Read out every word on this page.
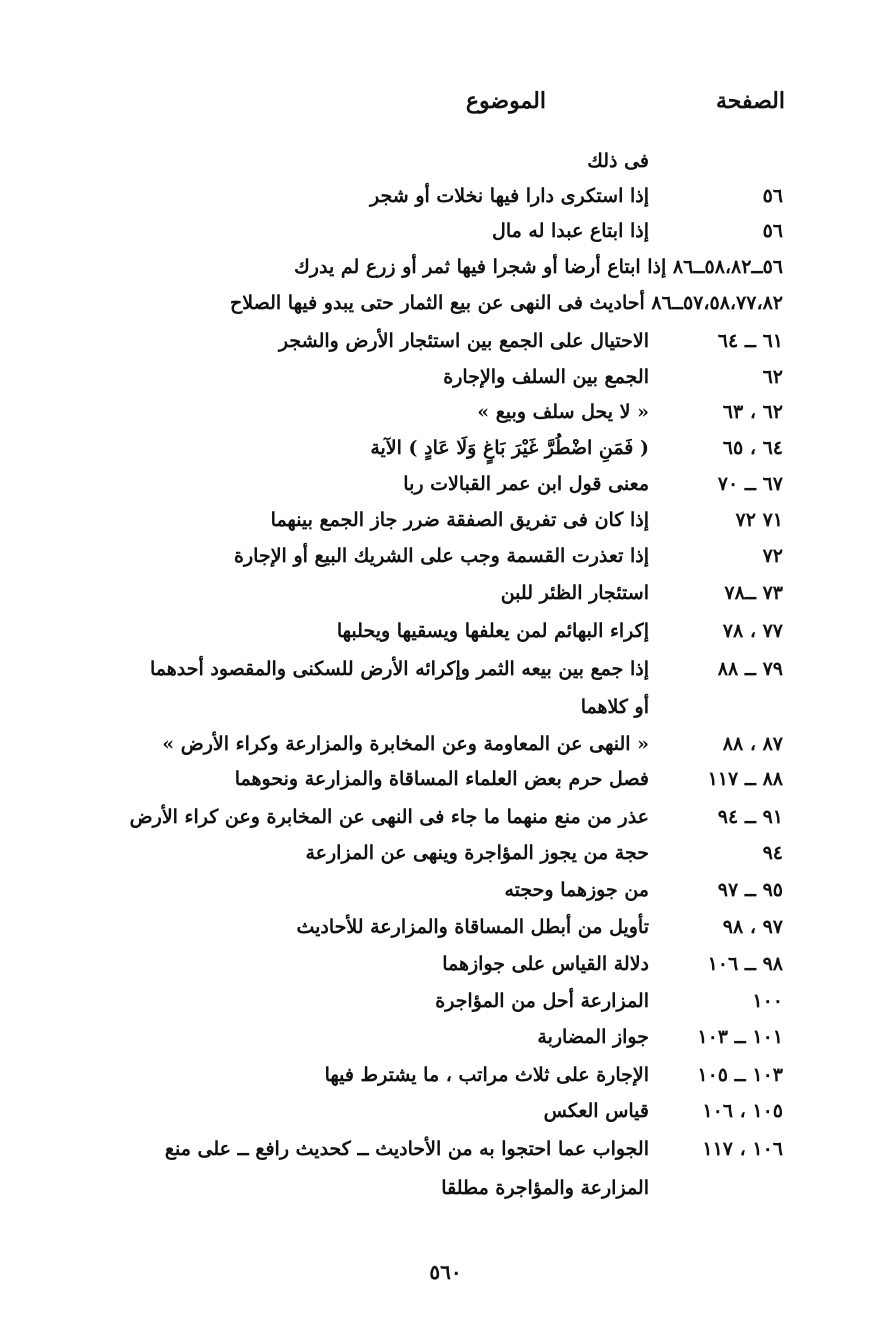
الصفحة
الموضوع
فى ذلك
٥٦
إذا استكرى دارا فيها نخلات أو شجر
٥٦
إذا ابتاع عبدا له مال
٥٦ــ٥٨،٨٢ــ٨٦ إذا ابتاع أرضا أو شجرا فيها ثمر أو زرع لم يدرك
٥٧،٥٨،٧٧،٨٢ــ٨٦ أحاديث فى النهى عن بيع الثمار حتى يبدو فيها الصلاح
٦١ ــ ٦٤
الاحتيال على الجمع بين استئجار الأرض والشجر
٦٢
الجمع بين السلف والإجارة
٦٢ ، ٦٣
« لا يحل سلف وبيع »
٦٤ ، ٦٥
( فَمَنِ اضْطُرَّ غَيْرَ بَاغٍ وَلَا عَادٍ ) الآية
٦٧ ــ ٧٠
معنى قول ابن عمر القبالات ربا
٧١ ٧٢
إذا كان فى تفريق الصفقة ضرر جاز الجمع بينهما
٧٢
إذا تعذرت القسمة وجب على الشريك البيع أو الإجارة
٧٣ ــ٧٨
استئجار الظئر للبن
٧٧ ، ٧٨
إكراء البهائم لمن يعلفها ويسقيها ويحلبها
٧٩ ــ ٨٨
إذا جمع بين بيعه الثمر وإكرائه الأرض للسكنى والمقصود أحدهما
أو كلاهما
٨٧ ، ٨٨
« النهى عن المعاومة وعن المخابرة والمزارعة وكراء الأرض »
٨٨ ــ ١١٧
فصل حرم بعض العلماء المساقاة والمزارعة ونحوهما
٩١ ــ ٩٤
عذر من منع منهما ما جاء فى النهى عن المخابرة وعن كراء الأرض
٩٤
حجة من يجوز المؤاجرة وينهى عن المزارعة
٩٥ ــ ٩٧
من جوزهما وحجته
٩٧ ، ٩٨
تأويل من أبطل المساقاة والمزارعة للأحاديث
٩٨ ــ ١٠٦
دلالة القياس على جوازهما
١٠٠
المزارعة أحل من المؤاجرة
١٠١ ــ ١٠٣
جواز المضاربة
١٠٣ ــ ١٠٥
الإجارة على ثلاث مراتب ، ما يشترط فيها
١٠٥ ، ١٠٦
قياس العكس
١٠٦ ، ١١٧
الجواب عما احتجوا به من الأحاديث ــ كحديث رافع ــ على منع
المزارعة والمؤاجرة مطلقا
٥٦٠
